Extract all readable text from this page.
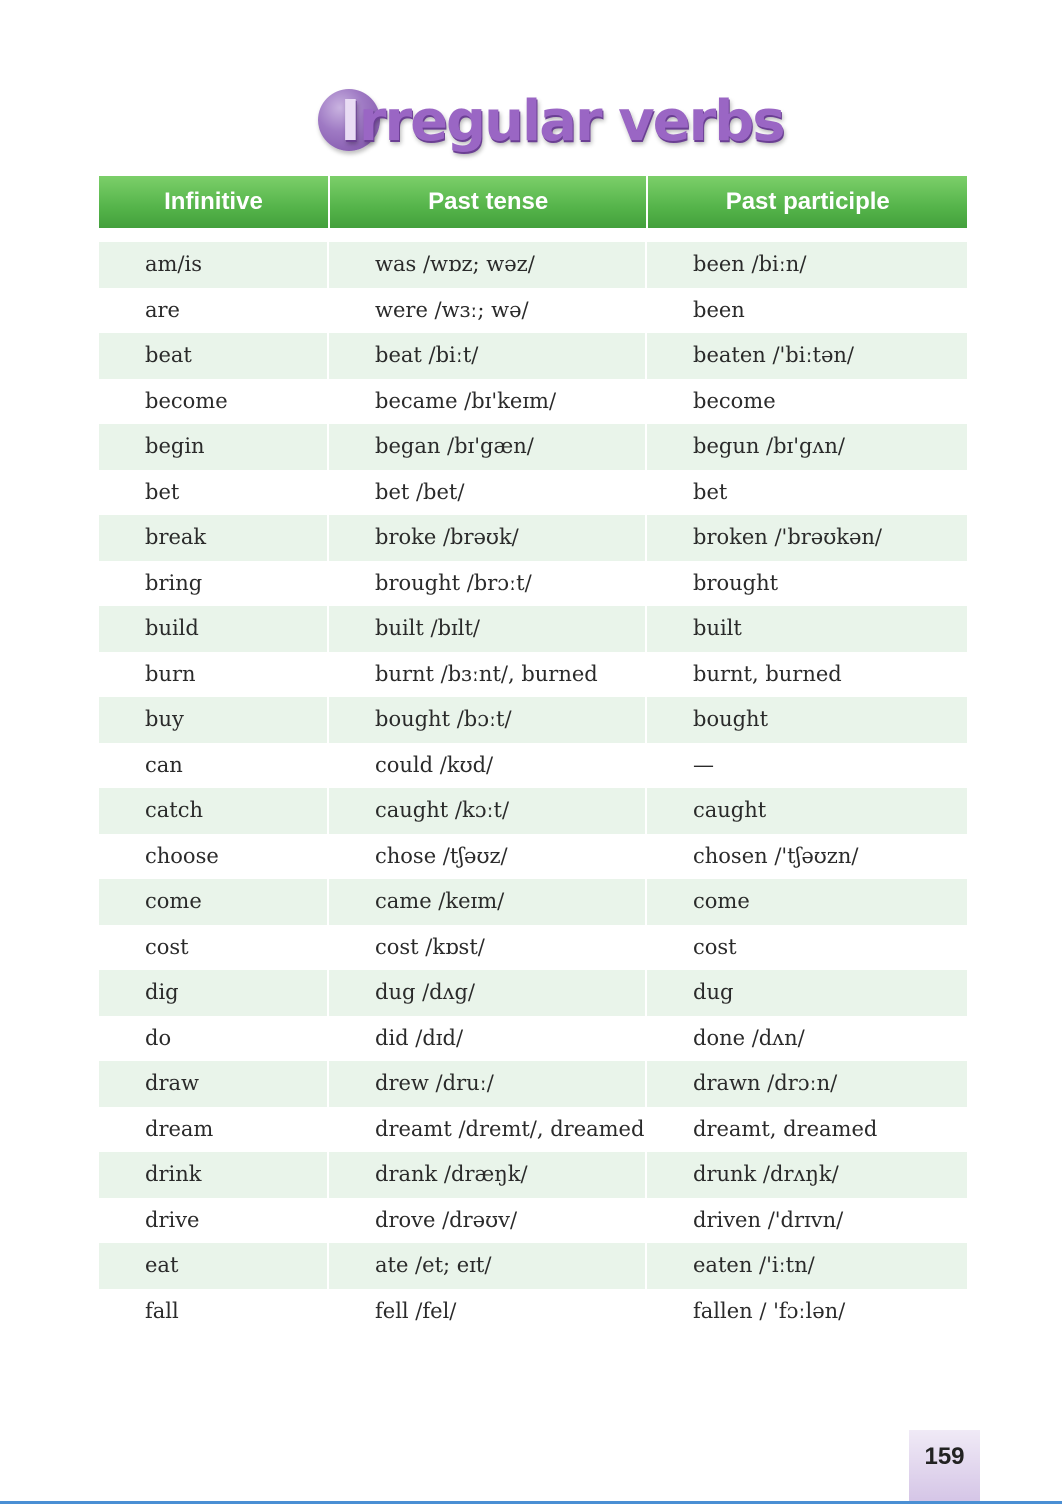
Irregular verbs
Infinitive	Past tense	Past participle
am/is	was /wɒz; wəz/	been /biːn/
are	were /wɜː; wə/	been
beat	beat /biːt/	beaten /'biːtən/
become	became /bɪ'keɪm/	become
begin	began /bɪ'gæn/	begun /bɪ'gʌn/
bet	bet /bet/	bet
break	broke /brəʊk/	broken /'brəʊkən/
bring	brought /brɔːt/	brought
build	built /bɪlt/	built
burn	burnt /bɜːnt/, burned	burnt, burned
buy	bought /bɔːt/	bought
can	could /kʊd/	—
catch	caught /kɔːt/	caught
choose	chose /tʃəʊz/	chosen /'tʃəʊzn/
come	came /keɪm/	come
cost	cost /kɒst/	cost
dig	dug /dʌg/	dug
do	did /dɪd/	done /dʌn/
draw	drew /druː/	drawn /drɔːn/
dream	dreamt /dremt/, dreamed	dreamt, dreamed
drink	drank /dræŋk/	drunk /drʌŋk/
drive	drove /drəʊv/	driven /'drɪvn/
eat	ate /et; eɪt/	eaten /'iːtn/
fall	fell /fel/	fallen / 'fɔːlən/
159
